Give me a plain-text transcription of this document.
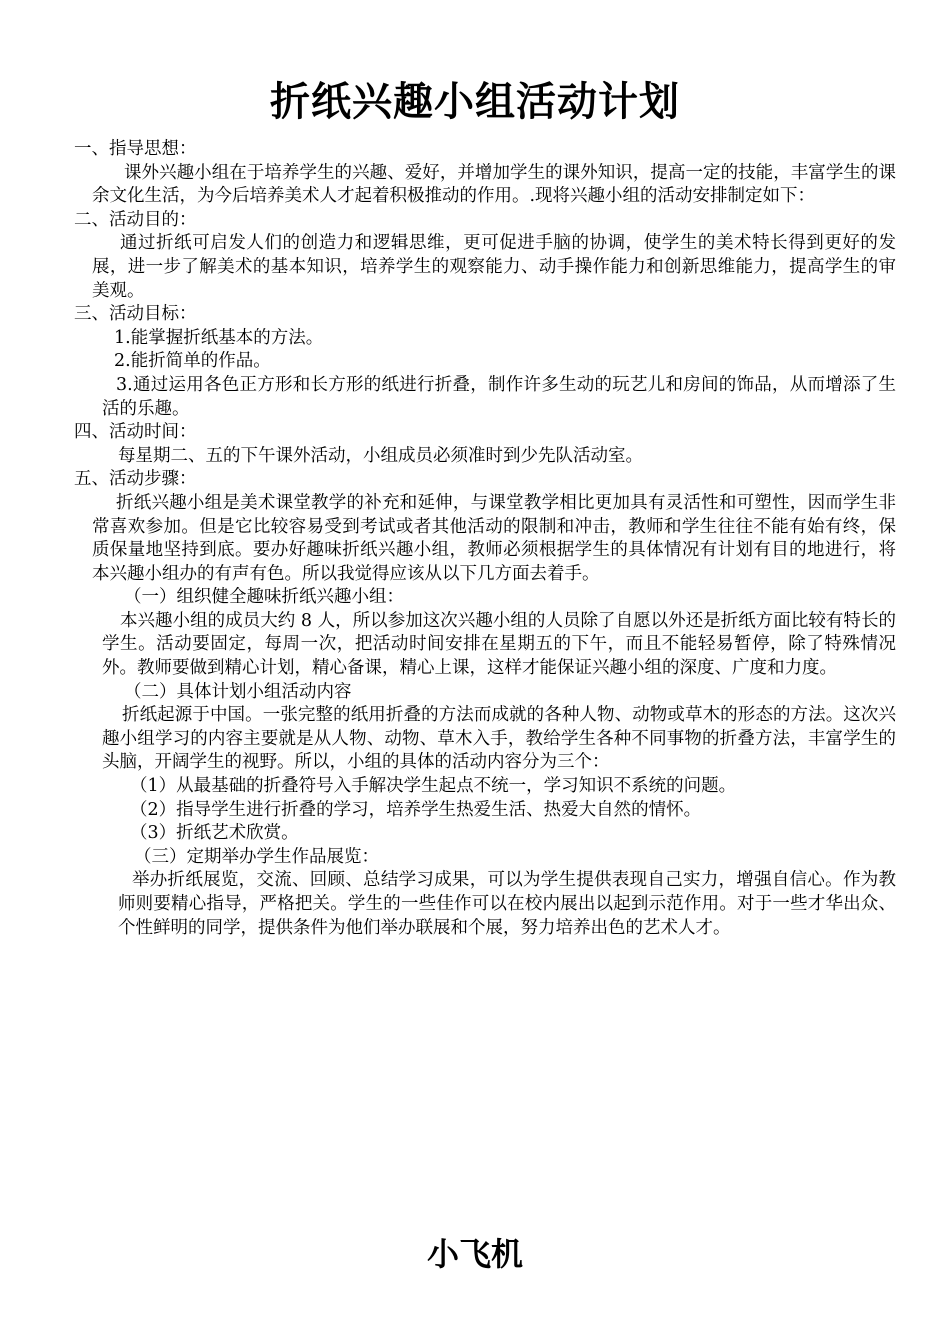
折纸兴趣小组活动计划

一、指导思想：

课外兴趣小组在于培养学生的兴趣、爱好，并增加学生的课外知识，提高一定的技能，丰富学生的课余文化生活，为今后培养美术人才起着积极推动的作用。.现将兴趣小组的活动安排制定如下：

二、活动目的：

通过折纸可启发人们的创造力和逻辑思维，更可促进手脑的协调，使学生的美术特长得到更好的发展，进一步了解美术的基本知识，培养学生的观察能力、动手操作能力和创新思维能力，提高学生的审美观。

三、活动目标：

1.能掌握折纸基本的方法。

2.能折简单的作品。

3.通过运用各色正方形和长方形的纸进行折叠，制作许多生动的玩艺儿和房间的饰品，从而增添了生活的乐趣。

四、活动时间：

每星期二、五的下午课外活动，小组成员必须准时到少先队活动室。

五、活动步骤：

折纸兴趣小组是美术课堂教学的补充和延伸，与课堂教学相比更加具有灵活性和可塑性，因而学生非常喜欢参加。但是它比较容易受到考试或者其他活动的限制和冲击，教师和学生往往不能有始有终，保质保量地坚持到底。要办好趣味折纸兴趣小组，教师必须根据学生的具体情况有计划有目的地进行，将本兴趣小组办的有声有色。所以我觉得应该从以下几方面去着手。

（一）组织健全趣味折纸兴趣小组：

本兴趣小组的成员大约 8 人，所以参加这次兴趣小组的人员除了自愿以外还是折纸方面比较有特长的学生。活动要固定，每周一次，把活动时间安排在星期五的下午，而且不能轻易暂停，除了特殊情况外。教师要做到精心计划，精心备课，精心上课，这样才能保证兴趣小组的深度、广度和力度。

（二）具体计划小组活动内容

折纸起源于中国。一张完整的纸用折叠的方法而成就的各种人物、动物或草木的形态的方法。这次兴趣小组学习的内容主要就是从人物、动物、草木入手，教给学生各种不同事物的折叠方法，丰富学生的头脑，开阔学生的视野。所以，小组的具体的活动内容分为三个：

（1）从最基础的折叠符号入手解决学生起点不统一，学习知识不系统的问题。

（2）指导学生进行折叠的学习，培养学生热爱生活、热爱大自然的情怀。

（3）折纸艺术欣赏。

（三）定期举办学生作品展览：

举办折纸展览，交流、回顾、总结学习成果，可以为学生提供表现自己实力，增强自信心。作为教师则要精心指导，严格把关。学生的一些佳作可以在校内展出以起到示范作用。对于一些才华出众、个性鲜明的同学，提供条件为他们举办联展和个展，努力培养出色的艺术人才。

小飞机
